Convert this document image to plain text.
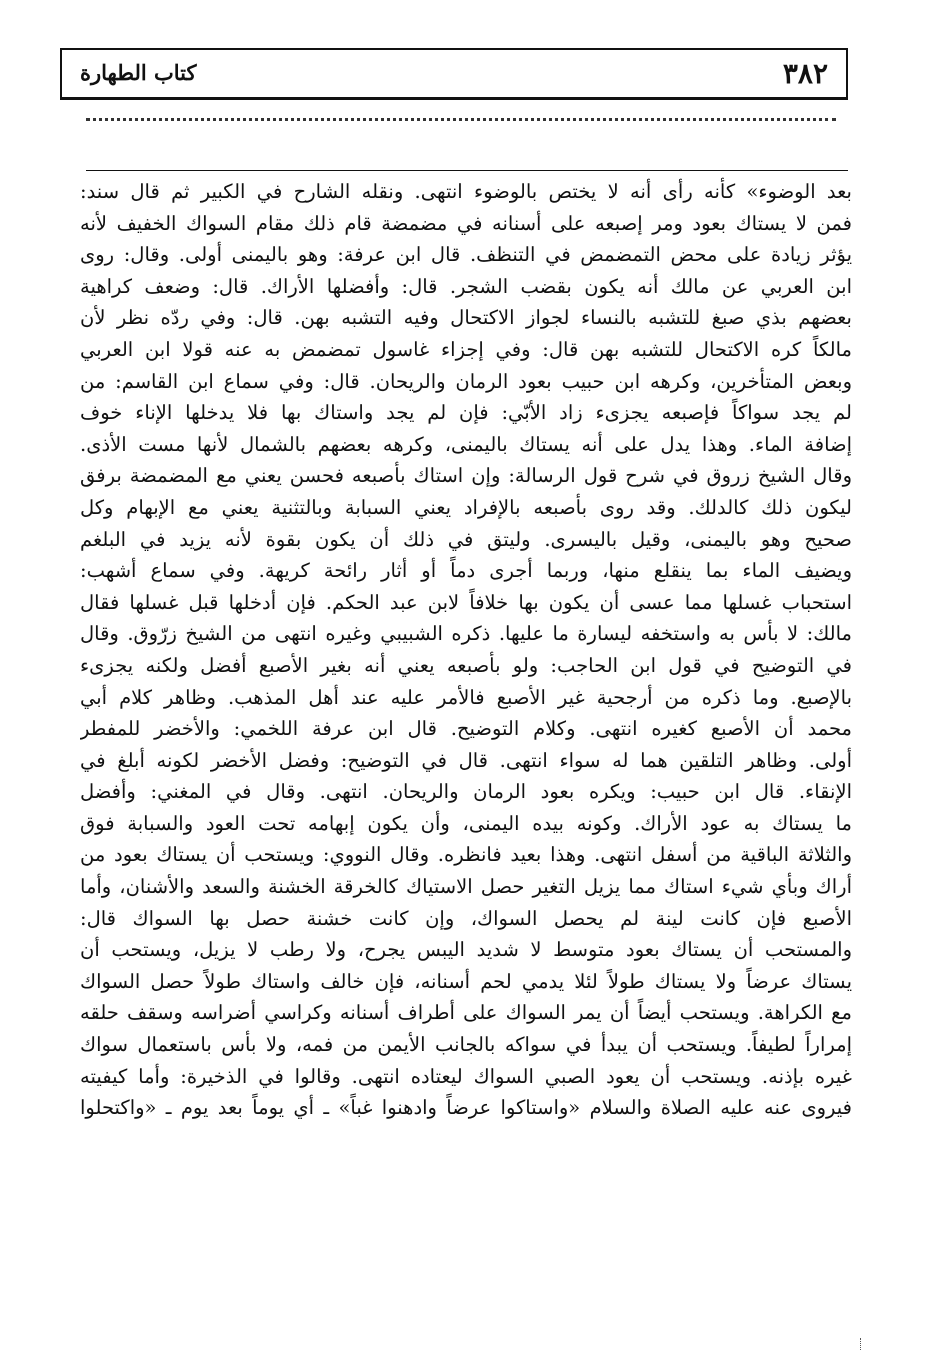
كتاب الطهارة	٣٨٢
بعد الوضوء» كأنه رأى أنه لا يختص بالوضوء انتهى. ونقله الشارح في الكبير ثم قال سند:
فمن لا يستاك بعود ومر إصبعه على أسنانه في مضمضة قام ذلك مقام السواك الخفيف لأنه
يؤثر زيادة على محض التمضمض في التنظف. قال ابن عرفة: وهو باليمنى أولى. وقال: روى
ابن العربي عن مالك أنه يكون بقضب الشجر. قال: وأفضلها الأراك. قال: وضعف كراهية
بعضهم بذي صبغ للتشبه بالنساء لجواز الاكتحال وفيه التشبه بهن. قال: وفي ردّه نظر لأن
مالكاً كره الاكتحال للتشبه بهن قال: وفي إجزاء غاسول تمضمض به عنه قولا ابن العربي
وبعض المتأخرين، وكرهه ابن حبيب بعود الرمان والريحان. قال: وفي سماع ابن القاسم: من
لم يجد سواكاً فإصبعه يجزىء زاد الأبّي: فإن لم يجد واستاك بها فلا يدخلها الإناء خوف
إضافة الماء. وهذا يدل على أنه يستاك باليمنى، وكرهه بعضهم بالشمال لأنها مست الأذى.
وقال الشيخ زروق في شرح قول الرسالة: وإن استاك بأصبعه فحسن يعني مع المضمضة برفق
ليكون ذلك كالدلك. وقد روى بأصبعه بالإفراد يعني السبابة وبالتثنية يعني مع الإبهام وكل
صحيح وهو باليمنى، وقيل باليسرى. وليتق في ذلك أن يكون بقوة لأنه يزيد في البلغم
ويضيف الماء بما ينقلع منها، وربما أجرى دماً أو أثار رائحة كريهة. وفي سماع أشهب:
استحباب غسلها مما عسى أن يكون بها خلافاً لابن عبد الحكم. فإن أدخلها قبل غسلها فقال
مالك: لا بأس به واستخفه ليسارة ما عليها. ذكره الشبيبي وغيره انتهى من الشيخ زرّوق. وقال
في التوضيح في قول ابن الحاجب: ولو بأصبعه يعني أنه بغير الأصبع أفضل ولكنه يجزىء
بالإصبع. وما ذكره من أرجحية غير الأصبع فالأمر عليه عند أهل المذهب. وظاهر كلام أبي
محمد أن الأصبع كغيره انتهى. وكلام التوضيح. قال ابن عرفة اللخمي: والأخضر للمفطر
أولى. وظاهر التلقين هما له سواء انتهى. قال في التوضيح: وفضل الأخضر لكونه أبلغ في
الإنقاء. قال ابن حبيب: ويكره بعود الرمان والريحان. انتهى. وقال في المغني: وأفضل
ما يستاك به عود الأراك. وكونه بيده اليمنى، وأن يكون إبهامه تحت العود والسبابة فوق
والثلاثة الباقية من أسفل انتهى. وهذا بعيد فانظره. وقال النووي: ويستحب أن يستاك بعود من
أراك وبأي شيء استاك مما يزيل التغير حصل الاستياك كالخرقة الخشنة والسعد والأشنان، وأما
الأصبع فإن كانت لينة لم يحصل السواك، وإن كانت خشنة حصل بها السواك قال:
والمستحب أن يستاك بعود متوسط لا شديد اليبس يجرح، ولا رطب لا يزيل، ويستحب أن
يستاك عرضاً ولا يستاك طولاً لئلا يدمي لحم أسنانه، فإن خالف واستاك طولاً حصل السواك
مع الكراهة. ويستحب أيضاً أن يمر السواك على أطراف أسنانه وكراسي أضراسه وسقف حلقه
إمراراً لطيفاً. ويستحب أن يبدأ في سواكه بالجانب الأيمن من فمه، ولا بأس باستعمال سواك
غيره بإذنه. ويستحب أن يعود الصبي السواك ليعتاده انتهى. وقالوا في الذخيرة: وأما كيفيته
فيروى عنه عليه الصلاة والسلام «واستاكوا عرضاً وادهنوا غباً» ـ أي يوماً بعد يوم ـ «واكتحلوا
